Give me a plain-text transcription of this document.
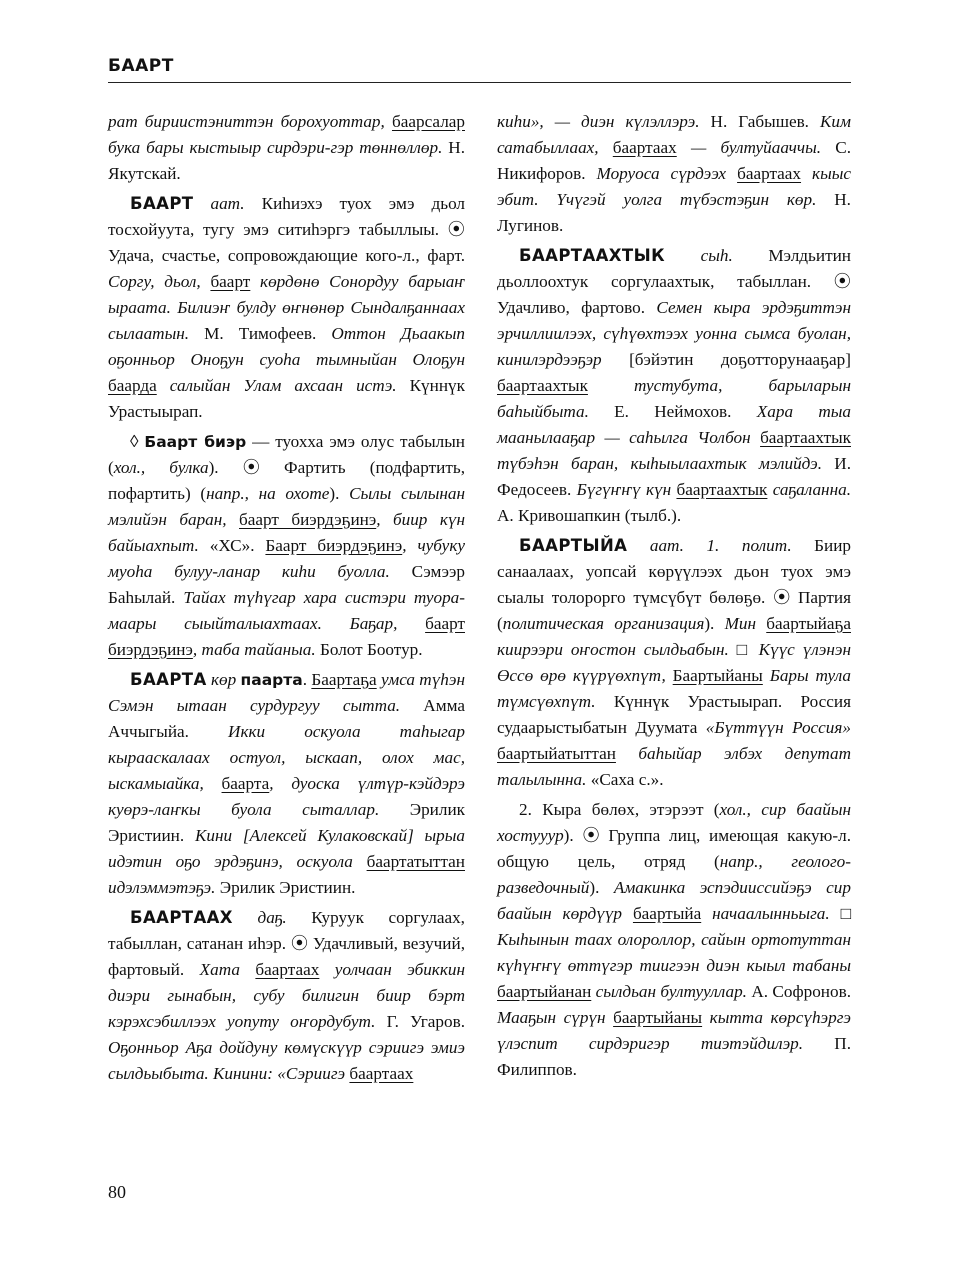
БААРТ

рат бириистэниттэн борохуоттар, баарсалар бука бары кыстыыр сирдэри-гэр төннөллөр. Н. Якутскай.

БААРТ аат. Киһиэхэ туох эмэ дьол тосхойуута, тугу эмэ ситиһэргэ табыллыы. ⦿ Удача, счастье, сопровождающие кого-л., фарт. Соргу, дьол, баарт көрдөнө Сонордуу барыаҥ ыраата. Билиэҥ булду өҥнөнөр Сындалҕаннаах сылаатын. М. Тимофеев. Оттон Дьаакып оҕонньор Оноҕун суоһа тымныйан Олоҕун баарда салыйан Улам ахсаан истэ. Күннүк Урастыырап.

◊ Баарт биэр — туохха эмэ олус табылын (хол., булка). ⦿ Фартить (подфартить, пофартить) (напр., на охоте). Сылы сылынан мэлийэн баран, баарт биэрдэҕинэ, биир күн байыахпыт. «ХС». Баарт биэрдэҕинэ, чубуку муоһа булуу-ланар киһи буолла. Сэмээр Баһылай. Тайах түһүгар хара систэри туора-маары сыыйталыахтаах. Баҕар, баарт биэрдэҕинэ, таба тайаныа. Болот Боотур.

БААРТА көр паарта. Баартаҕа умса түһэн Сэмэн ытаан сурдургуу сытта. Амма Аччыгыйа. Икки оскуола таһыгар кырааскалаах остуол, ыскаап, олох мас, ыскамыайка, баарта, дуоска үлтүр-кэйдэрэ куөрэ-лаҥкы буола сыталлар. Эрилик Эристиин. Кини [Алексей Кулаковскай] ырыа идэтин оҕо эрдэҕинэ, оскуола баартатыттан идэлэммэтэҕэ. Эрилик Эристиин.

БААРТААХ даҕ. Куруук соргулаах, табыллан, сатанан иһэр. ⦿ Удачливый, везучий, фартовый. Хата баартаах уолчаан эбиккин диэри гынабын, субу билигин биир бэрт кэрэхсэбиллээх уопуту оҥордубут. Г. Угаров. Оҕонньор Аҕа дойдуну көмүскүүр сэриигэ эмиэ сылдьыбыта. Кинини: «Сэриигэ баартаах

киһи», — диэн күлэллэрэ. Н. Габышев. Ким сатабыллаах, баартаах — бултуйааччы. С. Никифоров. Моруоса сүрдээх баартаах кыыс эбит. Үчүгэй уолга түбэстэҕин көр. Н. Лугинов.

БААРТААХТЫК сыһ. Мэлдьитин дьоллоохтук соргулаахтык, табыллан. ⦿ Удачливо, фартово. Семен кыра эрдэҕиттэн эрчиллиилээх, сүһүөхтээх уонна сымса буолан, кинилэрдээҕэр [бэйэтин доҕотторунааҕар] баартаахтык тустубута, барыларын баһыйбыта. Е. Неймохов. Хара тыа маанылааҕар — саһылга Чолбон баартаахтык түбэһэн баран, кыһыылаахтык мэлийдэ. И. Федосеев. Бүгүҥҥү күн баартаахтык саҕаланна. А. Кривошапкин (тылб.).

БААРТЫЙА аат. 1. полит. Биир санаалаах, уопсай көрүүлээх дьон туох эмэ сыалы толорорго түмсүбүт бөлөҕө. ⦿ Партия (политическая организация). Мин баартыйаҕа киирээри оҥостон сылдьабын. □ Күүс үлэнэн Өссө өрө күүрүөхпүт, Баартыйаны Бары тула түмсүөхпүт. Күннүк Урастыырап. Россия судаарыстыбатын Дуумата «Бүттүүн Россия» баартыйатыттан баһыйар элбэх депутат талылынна. «Саха с.».

2. Кыра бөлөх, этэрээт (хол., сир баайын хостууур). ⦿ Группа лиц, имеющая какую-л. общую цель, отряд (напр., геолого-разведочный). Амакинка эспэдииссийэҕэ сир баайын көрдүүр баартыйа начаалынньыга. □ Кыһынын таах олороллор, сайын ортотуттан күһүҥҥү өттүгэр тиигээн диэн кыыл табаны баартыйанан сылдьан бултууллар. А. Софронов. Мааҕын сүрүн баартыйаны кытта көрсүһэргэ үлэспит сирдэригэр тиэтэйдилэр. П. Филиппов.

80
